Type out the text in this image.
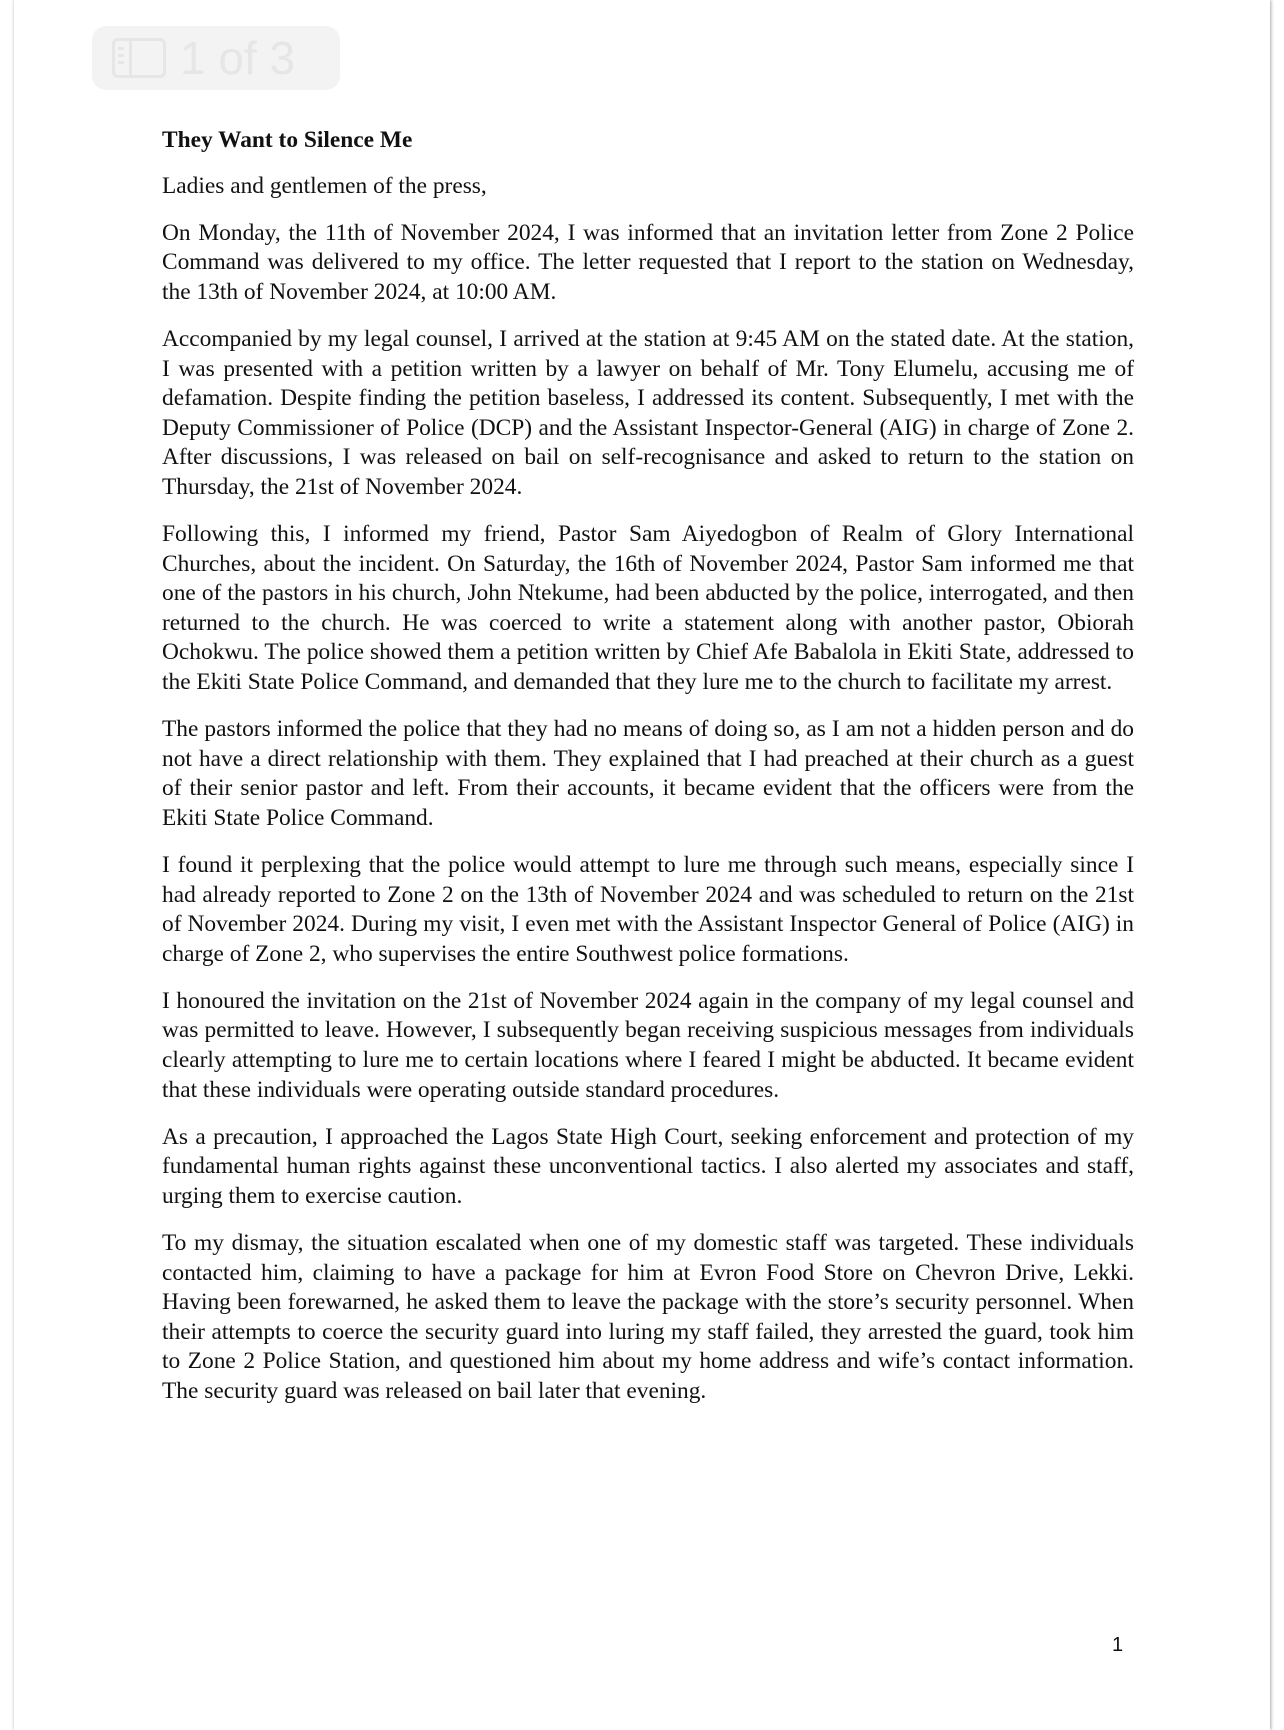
1 of 3
They Want to Silence Me

Ladies and gentlemen of the press,

On Monday, the 11th of November 2024, I was informed that an invitation letter from Zone 2 Police Command was delivered to my office. The letter requested that I report to the station on Wednesday, the 13th of November 2024, at 10:00 AM.

Accompanied by my legal counsel, I arrived at the station at 9:45 AM on the stated date. At the station, I was presented with a petition written by a lawyer on behalf of Mr. Tony Elumelu, accusing me of defamation. Despite finding the petition baseless, I addressed its content. Subsequently, I met with the Deputy Commissioner of Police (DCP) and the Assistant Inspector-General (AIG) in charge of Zone 2. After discussions, I was released on bail on self-recognisance and asked to return to the station on Thursday, the 21st of November 2024.

Following this, I informed my friend, Pastor Sam Aiyedogbon of Realm of Glory International Churches, about the incident. On Saturday, the 16th of November 2024, Pastor Sam informed me that one of the pastors in his church, John Ntekume, had been abducted by the police, interrogated, and then returned to the church. He was coerced to write a statement along with another pastor, Obiorah Ochokwu. The police showed them a petition written by Chief Afe Babalola in Ekiti State, addressed to the Ekiti State Police Command, and demanded that they lure me to the church to facilitate my arrest.

The pastors informed the police that they had no means of doing so, as I am not a hidden person and do not have a direct relationship with them. They explained that I had preached at their church as a guest of their senior pastor and left. From their accounts, it became evident that the officers were from the Ekiti State Police Command.

I found it perplexing that the police would attempt to lure me through such means, especially since I had already reported to Zone 2 on the 13th of November 2024 and was scheduled to return on the 21st of November 2024. During my visit, I even met with the Assistant Inspector General of Police (AIG) in charge of Zone 2, who supervises the entire Southwest police formations.

I honoured the invitation on the 21st of November 2024 again in the company of my legal counsel and was permitted to leave. However, I subsequently began receiving suspicious messages from individuals clearly attempting to lure me to certain locations where I feared I might be abducted. It became evident that these individuals were operating outside standard procedures.

As a precaution, I approached the Lagos State High Court, seeking enforcement and protection of my fundamental human rights against these unconventional tactics. I also alerted my associates and staff, urging them to exercise caution.

To my dismay, the situation escalated when one of my domestic staff was targeted. These individuals contacted him, claiming to have a package for him at Evron Food Store on Chevron Drive, Lekki. Having been forewarned, he asked them to leave the package with the store’s security personnel. When their attempts to coerce the security guard into luring my staff failed, they arrested the guard, took him to Zone 2 Police Station, and questioned him about my home address and wife’s contact information. The security guard was released on bail later that evening.

1
